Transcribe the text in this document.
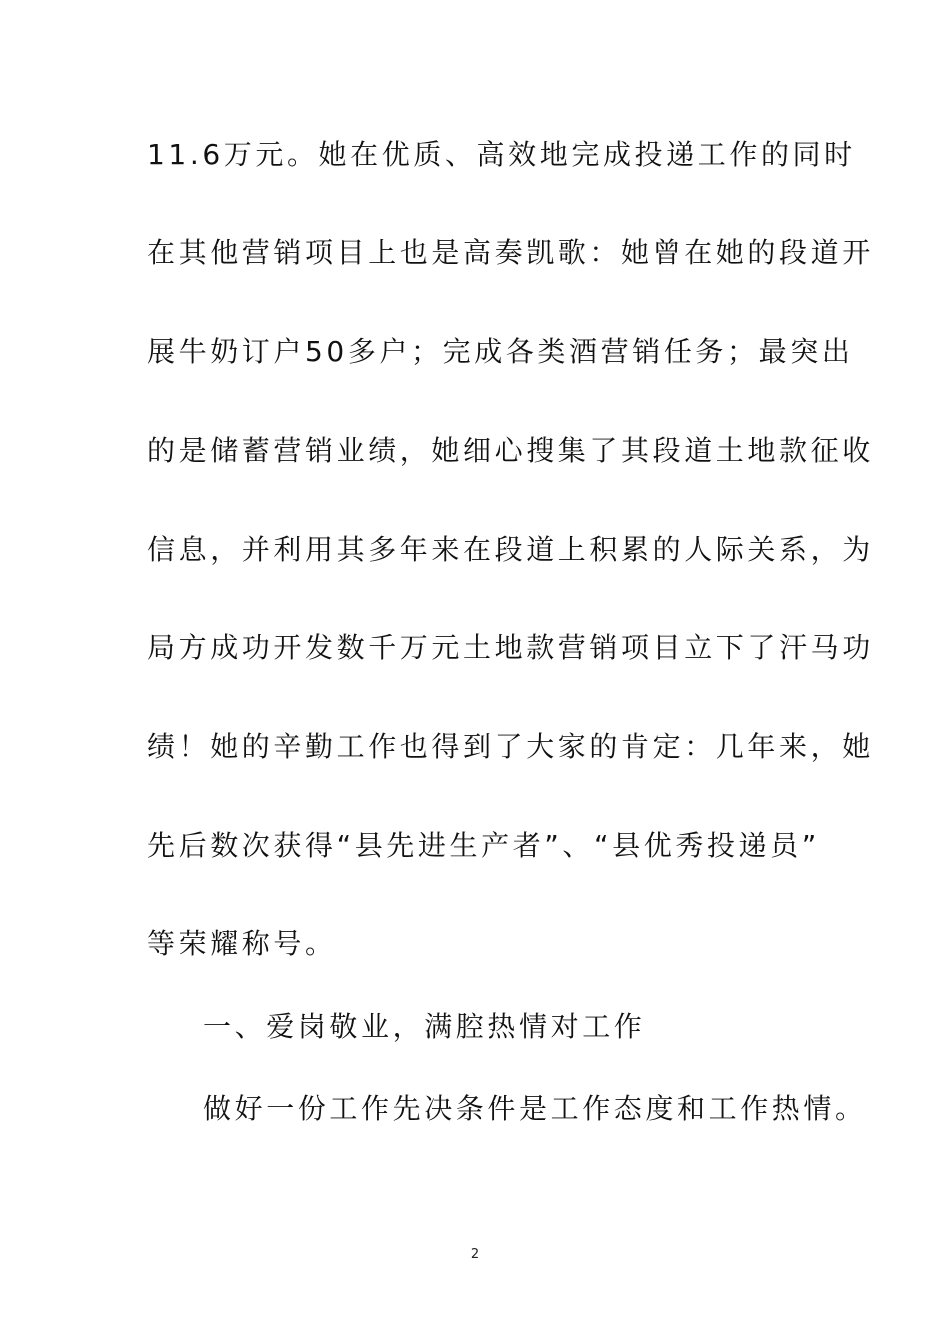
11.6万元。她在优质、高效地完成投递工作的同时
在其他营销项目上也是高奏凯歌：她曾在她的段道开
展牛奶订户50多户；完成各类酒营销任务；最突出
的是储蓄营销业绩，她细心搜集了其段道土地款征收
信息，并利用其多年来在段道上积累的人际关系，为
局方成功开发数千万元土地款营销项目立下了汗马功
绩！她的辛勤工作也得到了大家的肯定：几年来，她
先后数次获得“县先进生产者”、“县优秀投递员”
等荣耀称号。
一、爱岗敬业，满腔热情对工作
做好一份工作先决条件是工作态度和工作热情。
2
